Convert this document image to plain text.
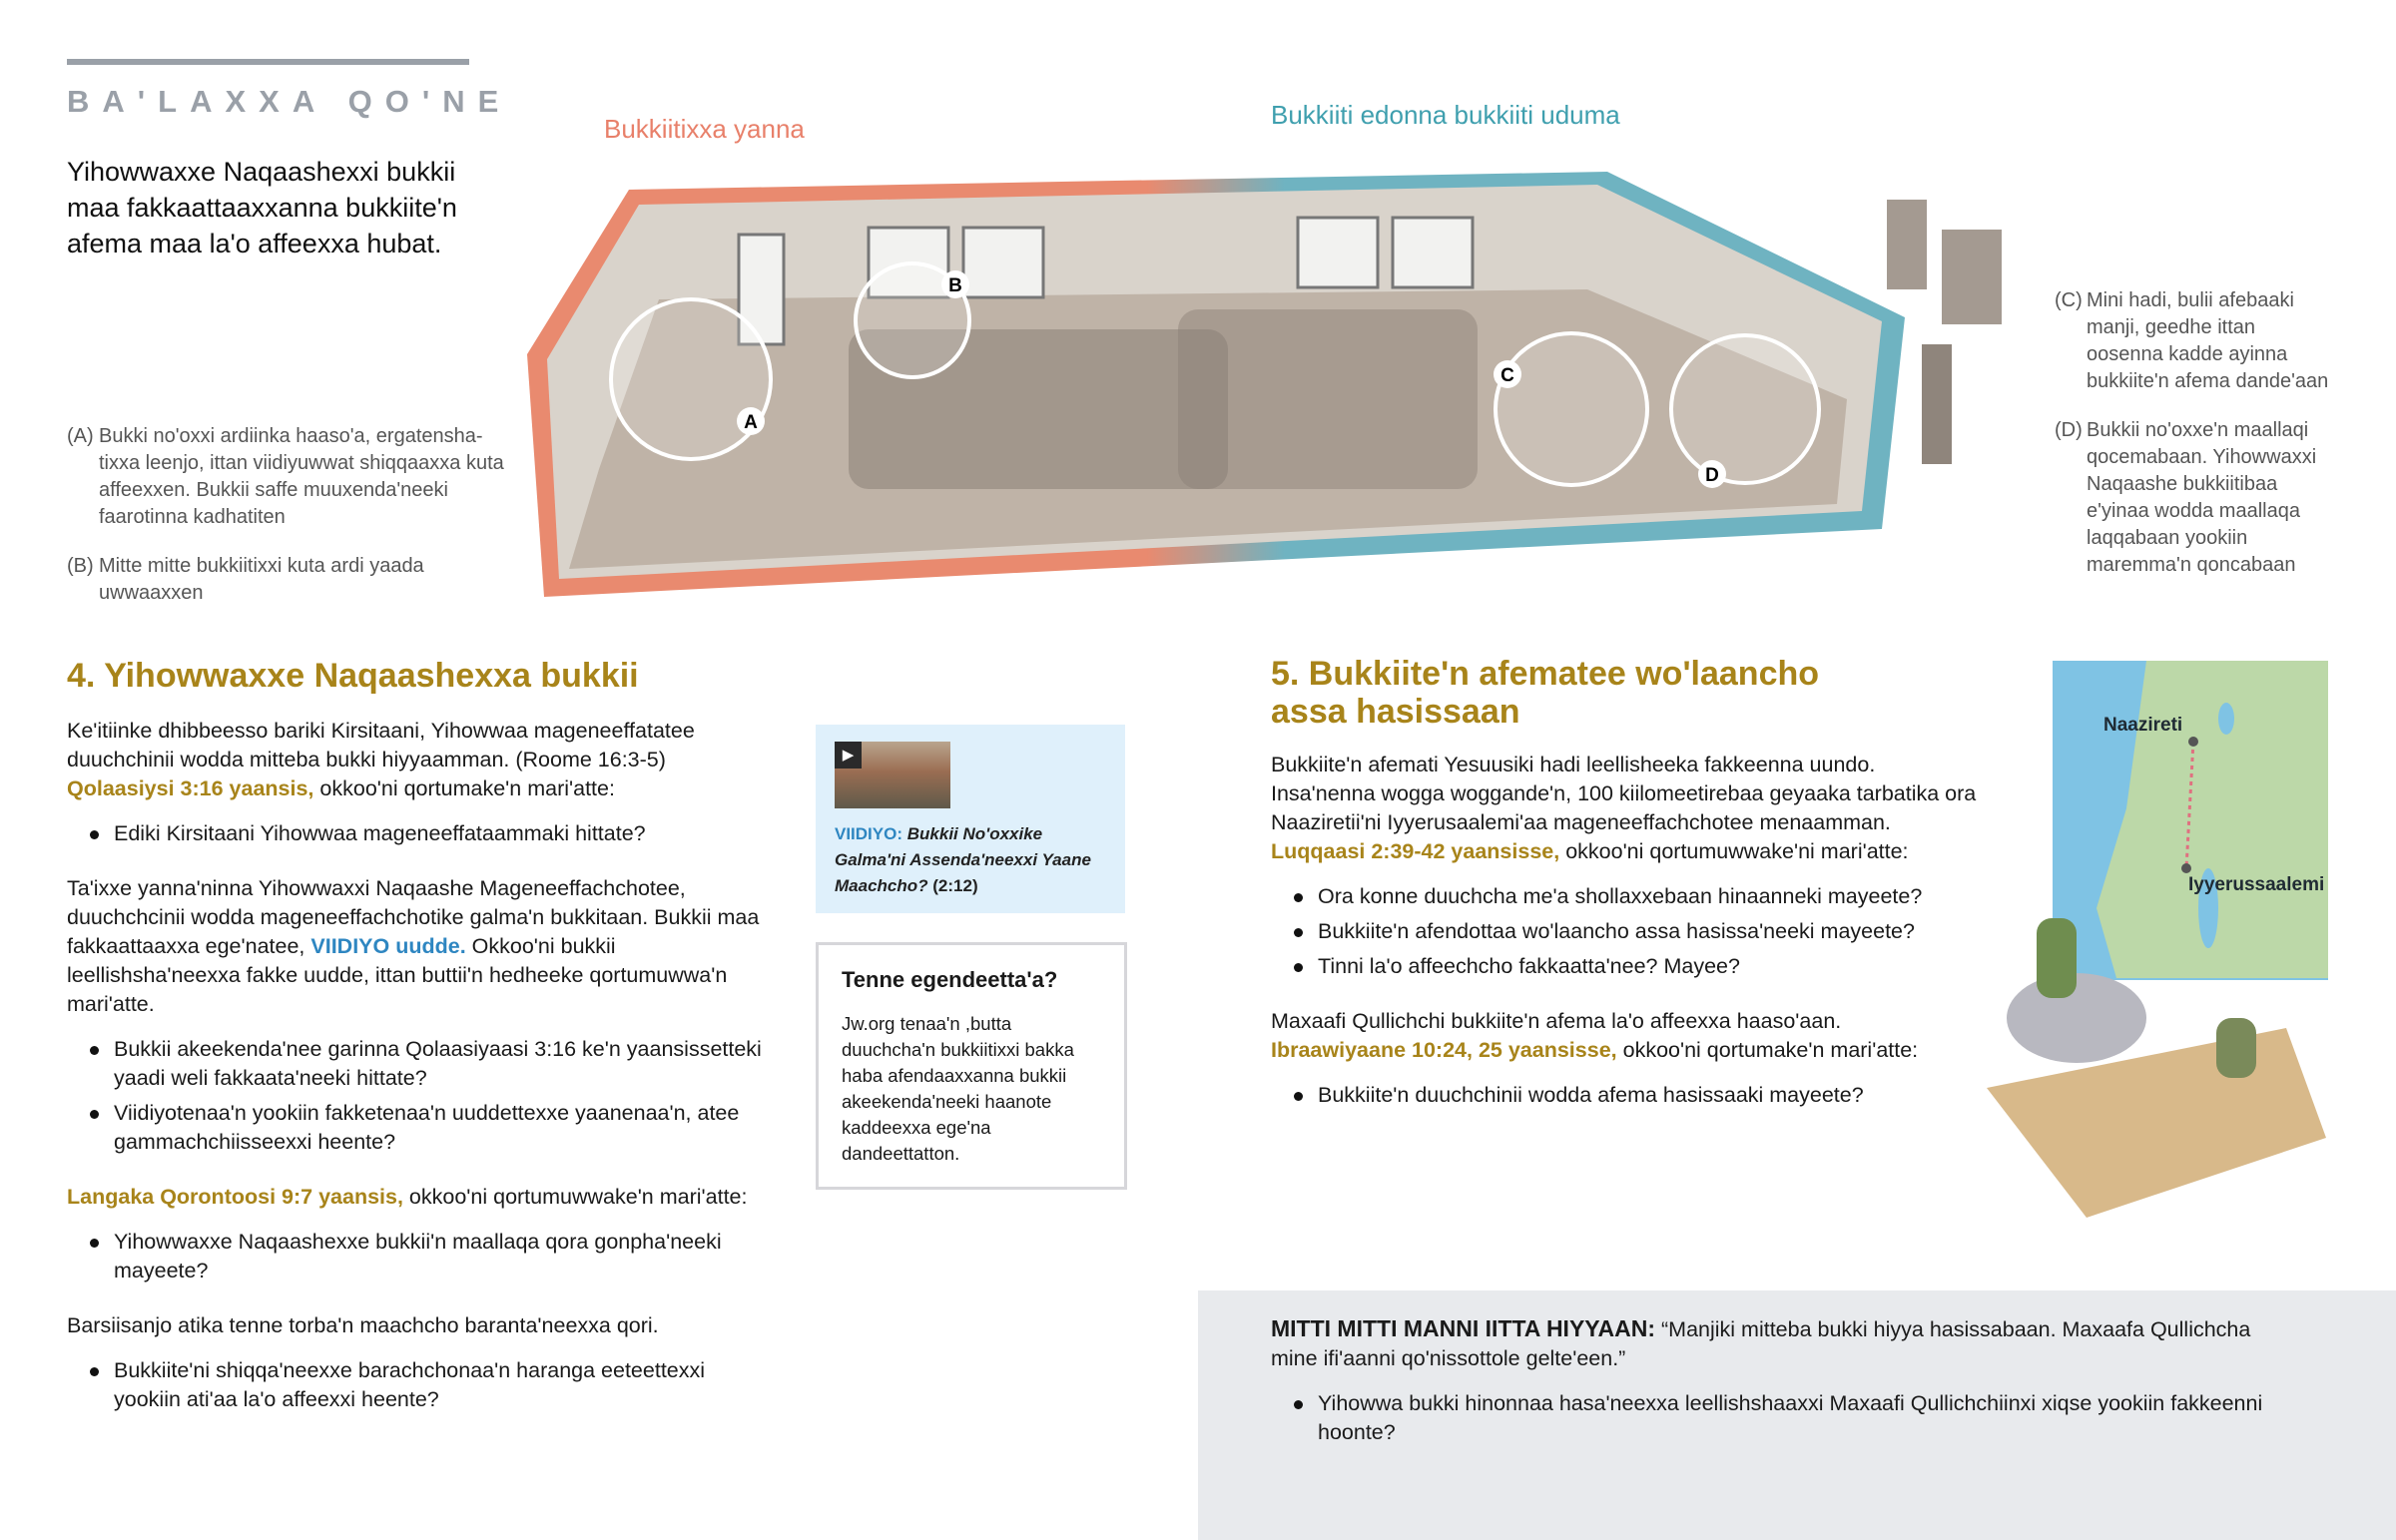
BA'LAXXA QO'NE
Yihowwaxxe Naqaashexxi bukkii maa fakkaattaaxxanna bukkiite'n afema maa la'o affeexxa hubat.
(A) Bukki no'oxxi ardiinka haaso'a, ergatensha-tixxa leenjo, ittan viidiyuwwat shiqqaaxxa kuta affeexxen. Bukkii saffe muuxenda'neeki faarotinna kadhatiten
(B) Mitte mitte bukkiitixxi kuta ardi yaada uwwaaxxen
(C) Mini hadi, bulii afebaaki manji, geedhe ittan oosenna kadde ayinna bukkiite'n afema dande'aan
(D) Bukkii no'oxxe'n maallaqi qocemabaan. Yihowwaxxi Naqaashe bukkiitibaa e'yinaa wodda maallaqa laqqabaan yookiin maremma'n qoncabaan
Bukkiitixxa yanna	Bukkiiti edonna bukkiiti uduma
A
B
C
D
4. Yihowwaxxe Naqaashexxa bukkii

Ke'itiinke dhibbeesso bariki Kirsitaani, Yihowwaa mageneeffatatee duuchchinii wodda mitteba bukki hiyyaamman. (Roome 16:3-5)
Qolaasiysi 3:16 yaansis, okkoo'ni qortumake'n mari'atte:

Ediki Kirsitaani Yihowwaa mageneeffataammaki hittate?

Ta'ixxe yanna'ninna Yihowwaxxi Naqaashe Mageneeffachchotee, duuchchcinii wodda mageneeffachchotike galma'n bukkitaan. Bukkii maa fakkaattaaxxa ege'natee, VIIDIYO uudde. Okkoo'ni bukkii leellishsha'neexxa fakke uudde, ittan buttii'n hedheeke qortumuwwa'n mari'atte.

Bukkii akeekenda'nee garinna Qolaasiyaasi 3:16 ke'n yaansissetteki yaadi weli fakkaata'neeki hittate?
Viidiyotenaa'n yookiin fakketenaa'n uuddettexxe yaanenaa'n, atee gammachchiisseexxi heente?

Langaka Qorontoosi 9:7 yaansis, okkoo'ni qortumuwwake'n mari'atte:

Yihowwaxxe Naqaashexxe bukkii'n maallaqa qora gonpha'neeki mayeete?

Barsiisanjo atika tenne torba'n maachcho baranta'neexxa qori.

Bukkiite'ni shiqqa'neexxe barachchonaa'n haranga eeteettexxi yookiin ati'aa la'o affeexxi heente?
▶
VIIDIYO: Bukkii No'oxxike Galma'ni Assenda'neexxi Yaane Maachcho? (2:12)
Tenne egendeetta'a?

Jw.org tenaa'n ,butta duuchcha'n bukkiitixxi bakka haba afendaaxxanna bukkii akeekenda'neeki haanote kaddeexxa ege'na dandeettatton.

5. Bukkiite'n afematee wo'laancho assa hasissaan

Bukkiite'n afemati Yesuusiki hadi leellisheeka fakkeenna uundo. Insa'nenna wogga woggande'n, 100 kiilomeetirebaa geyaaka tarbatika ora Naaziretii'ni Iyyerusaalemi'aa mageneeffachchotee menaamman.
Luqqaasi 2:39-42 yaansisse, okkoo'ni qortumuwwake'ni mari'atte:

Ora konne duuchcha me'a shollaxxebaan hinaanneki mayeete?
Bukkiite'n afendottaa wo'laancho assa hasissa'neeki mayeete?
Tinni la'o affeechcho fakkaatta'nee? Mayee?

Maxaafi Qullichchi bukkiite'n afema la'o affeexxa haaso'aan.
Ibraawiyaane 10:24, 25 yaansisse, okkoo'ni qortumake'n mari'atte:

Bukkiite'n duuchchinii wodda afema hasissaaki mayeete?
Naazireti
Iyyerussaalemi

MITTI MITTI MANNI IITTA HIYYAAN: “Manjiki mitteba bukki hiyya hasissabaan. Maxaafa Qullichcha mine ifi'aanni qo'nissottole gelte'een.”

Yihowwa bukki hinonnaa hasa'neexxa leellishshaaxxi Maxaafi Qullichchiinxi xiqse yookiin fakkeenni hoonte?
